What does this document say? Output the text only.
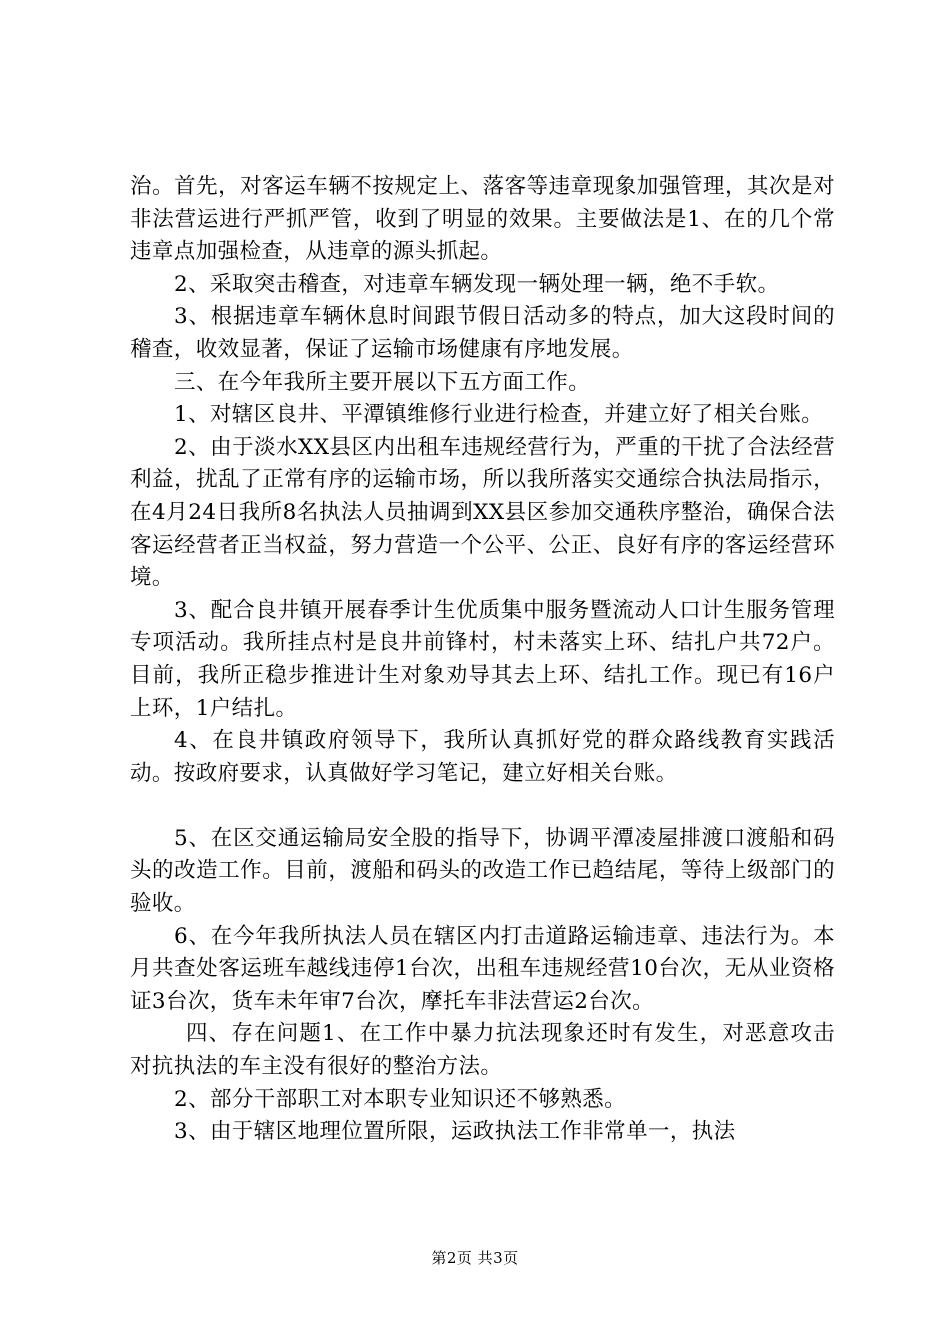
治。首先，对客运车辆不按规定上、落客等违章现象加强管理，其次是对非法营运进行严抓严管，收到了明显的效果。主要做法是1、在的几个常违章点加强检查，从违章的源头抓起。

2、采取突击稽查，对违章车辆发现一辆处理一辆，绝不手软。

3、根据违章车辆休息时间跟节假日活动多的特点，加大这段时间的稽查，收效显著，保证了运输市场健康有序地发展。

三、在今年我所主要开展以下五方面工作。

1、对辖区良井、平潭镇维修行业进行检查，并建立好了相关台账。

2、由于淡水XX县区内出租车违规经营行为，严重的干扰了合法经营利益，扰乱了正常有序的运输市场，所以我所落实交通综合执法局指示，在4月24日我所8名执法人员抽调到XX县区参加交通秩序整治，确保合法客运经营者正当权益，努力营造一个公平、公正、良好有序的客运经营环境。

3、配合良井镇开展春季计生优质集中服务暨流动人口计生服务管理专项活动。我所挂点村是良井前锋村，村未落实上环、结扎户共72户。目前，我所正稳步推进计生对象劝导其去上环、结扎工作。现已有16户上环，1户结扎。

4、在良井镇政府领导下，我所认真抓好党的群众路线教育实践活动。按政府要求，认真做好学习笔记，建立好相关台账。

5、在区交通运输局安全股的指导下，协调平潭凌屋排渡口渡船和码头的改造工作。目前，渡船和码头的改造工作已趋结尾，等待上级部门的验收。

6、在今年我所执法人员在辖区内打击道路运输违章、违法行为。本月共查处客运班车越线违停1台次，出租车违规经营10台次，无从业资格证3台次，货车未年审7台次，摩托车非法营运2台次。

四、存在问题1、在工作中暴力抗法现象还时有发生，对恶意攻击对抗执法的车主没有很好的整治方法。

2、部分干部职工对本职专业知识还不够熟悉。

3、由于辖区地理位置所限，运政执法工作非常单一，执法

第2页 共3页
